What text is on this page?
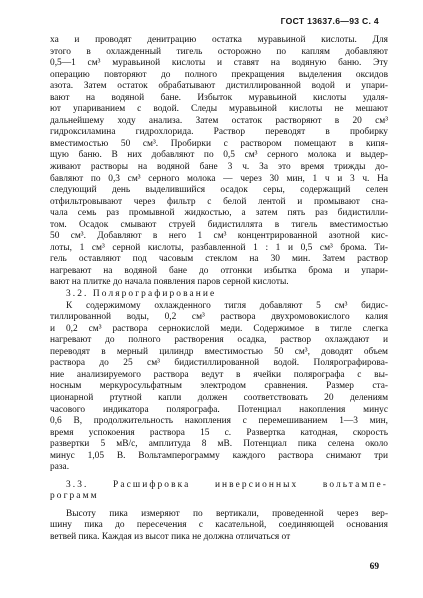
ГОСТ 13637.6—93 С. 4
ха и проводят денитрацию остатка муравьиной кислоты. Для
этого в охлажденный тигель осторожно по каплям добавляют
0,5—1 см³ муравьиной кислоты и ставят на водяную баню. Эту
операцию повторяют до полного прекращения выделения оксидов
азота. Затем остаток обрабатывают дистиллированной водой и упари-
вают на водяной бане. Избыток муравьиной кислоты удаля-
ют упариванием с водой. Следы муравьиной кислоты не мешают
дальнейшему ходу анализа. Затем остаток растворяют в 20 см³
гидроксиламина гидрохлорида. Раствор переводят в пробирку
вместимостью 50 см³. Пробирки с раствором помещают в кипя-
щую баню. В них добавляют по 0,5 см³ серного молока и выдер-
живают растворы на водяной бане 3 ч. За это время трижды до-
бавляют по 0,3 см³ серного молока — через 30 мин, 1 ч и 3 ч. На
следующий день выделившийся осадок серы, содержащий селен
отфильтровывают через фильтр с белой лентой и промывают сна-
чала семь раз промывной жидкостью, а затем пять раз бидистилли-
том. Осадок смывают струей бидистиллята в тигель вместимостью
50 см³. Добавляют в него 1 см³ концентрированной азотной кис-
лоты, 1 см³ серной кислоты, разбавленной 1 : 1 и 0,5 см³ брома. Ти-
гель оставляют под часовым стеклом на 30 мин. Затем раствор
нагревают на водяной бане до отгонки избытка брома и упари-
вают на плитке до начала появления паров серной кислоты.
3.2. Полярографирование
К содержимому охлажденного тигля добавляют 5 см³ бидис-
тиллированной воды, 0,2 см³ раствора двухромовокислого калия
и 0,2 см³ раствора сернокислой меди. Содержимое в тигле слегка
нагревают до полного растворения осадка, раствор охлаждают и
переводят в мерный цилиндр вместимостью 50 см³, доводят объем
раствора до 25 см³ бидистиллированной водой. Полярографирова-
ние анализируемого раствора ведут в ячейки полярографа с вы-
носным меркуросульфатным электродом сравнения. Размер ста-
ционарной ртутной капли должен соответствовать 20 делениям
часового индикатора полярографа. Потенциал накопления минус
0,6 В, продолжительность накопления с перемешиванием 1—3 мин,
время успокоения раствора 15 с. Развертка катодная, скорость
развертки 5 мВ/с, амплитуда 8 мВ. Потенциал пика селена около
минус 1,05 В. Вольтамперограмму каждого раствора снимают три
раза.
3.3. Расшифровка инверсионных вольтампе-
рограмм
Высоту пика измеряют по вертикали, проведенной через вер-
шину пика до пересечения с касательной, соединяющей основания
ветвей пика. Каждая из высот пика не должна отличаться от
69
